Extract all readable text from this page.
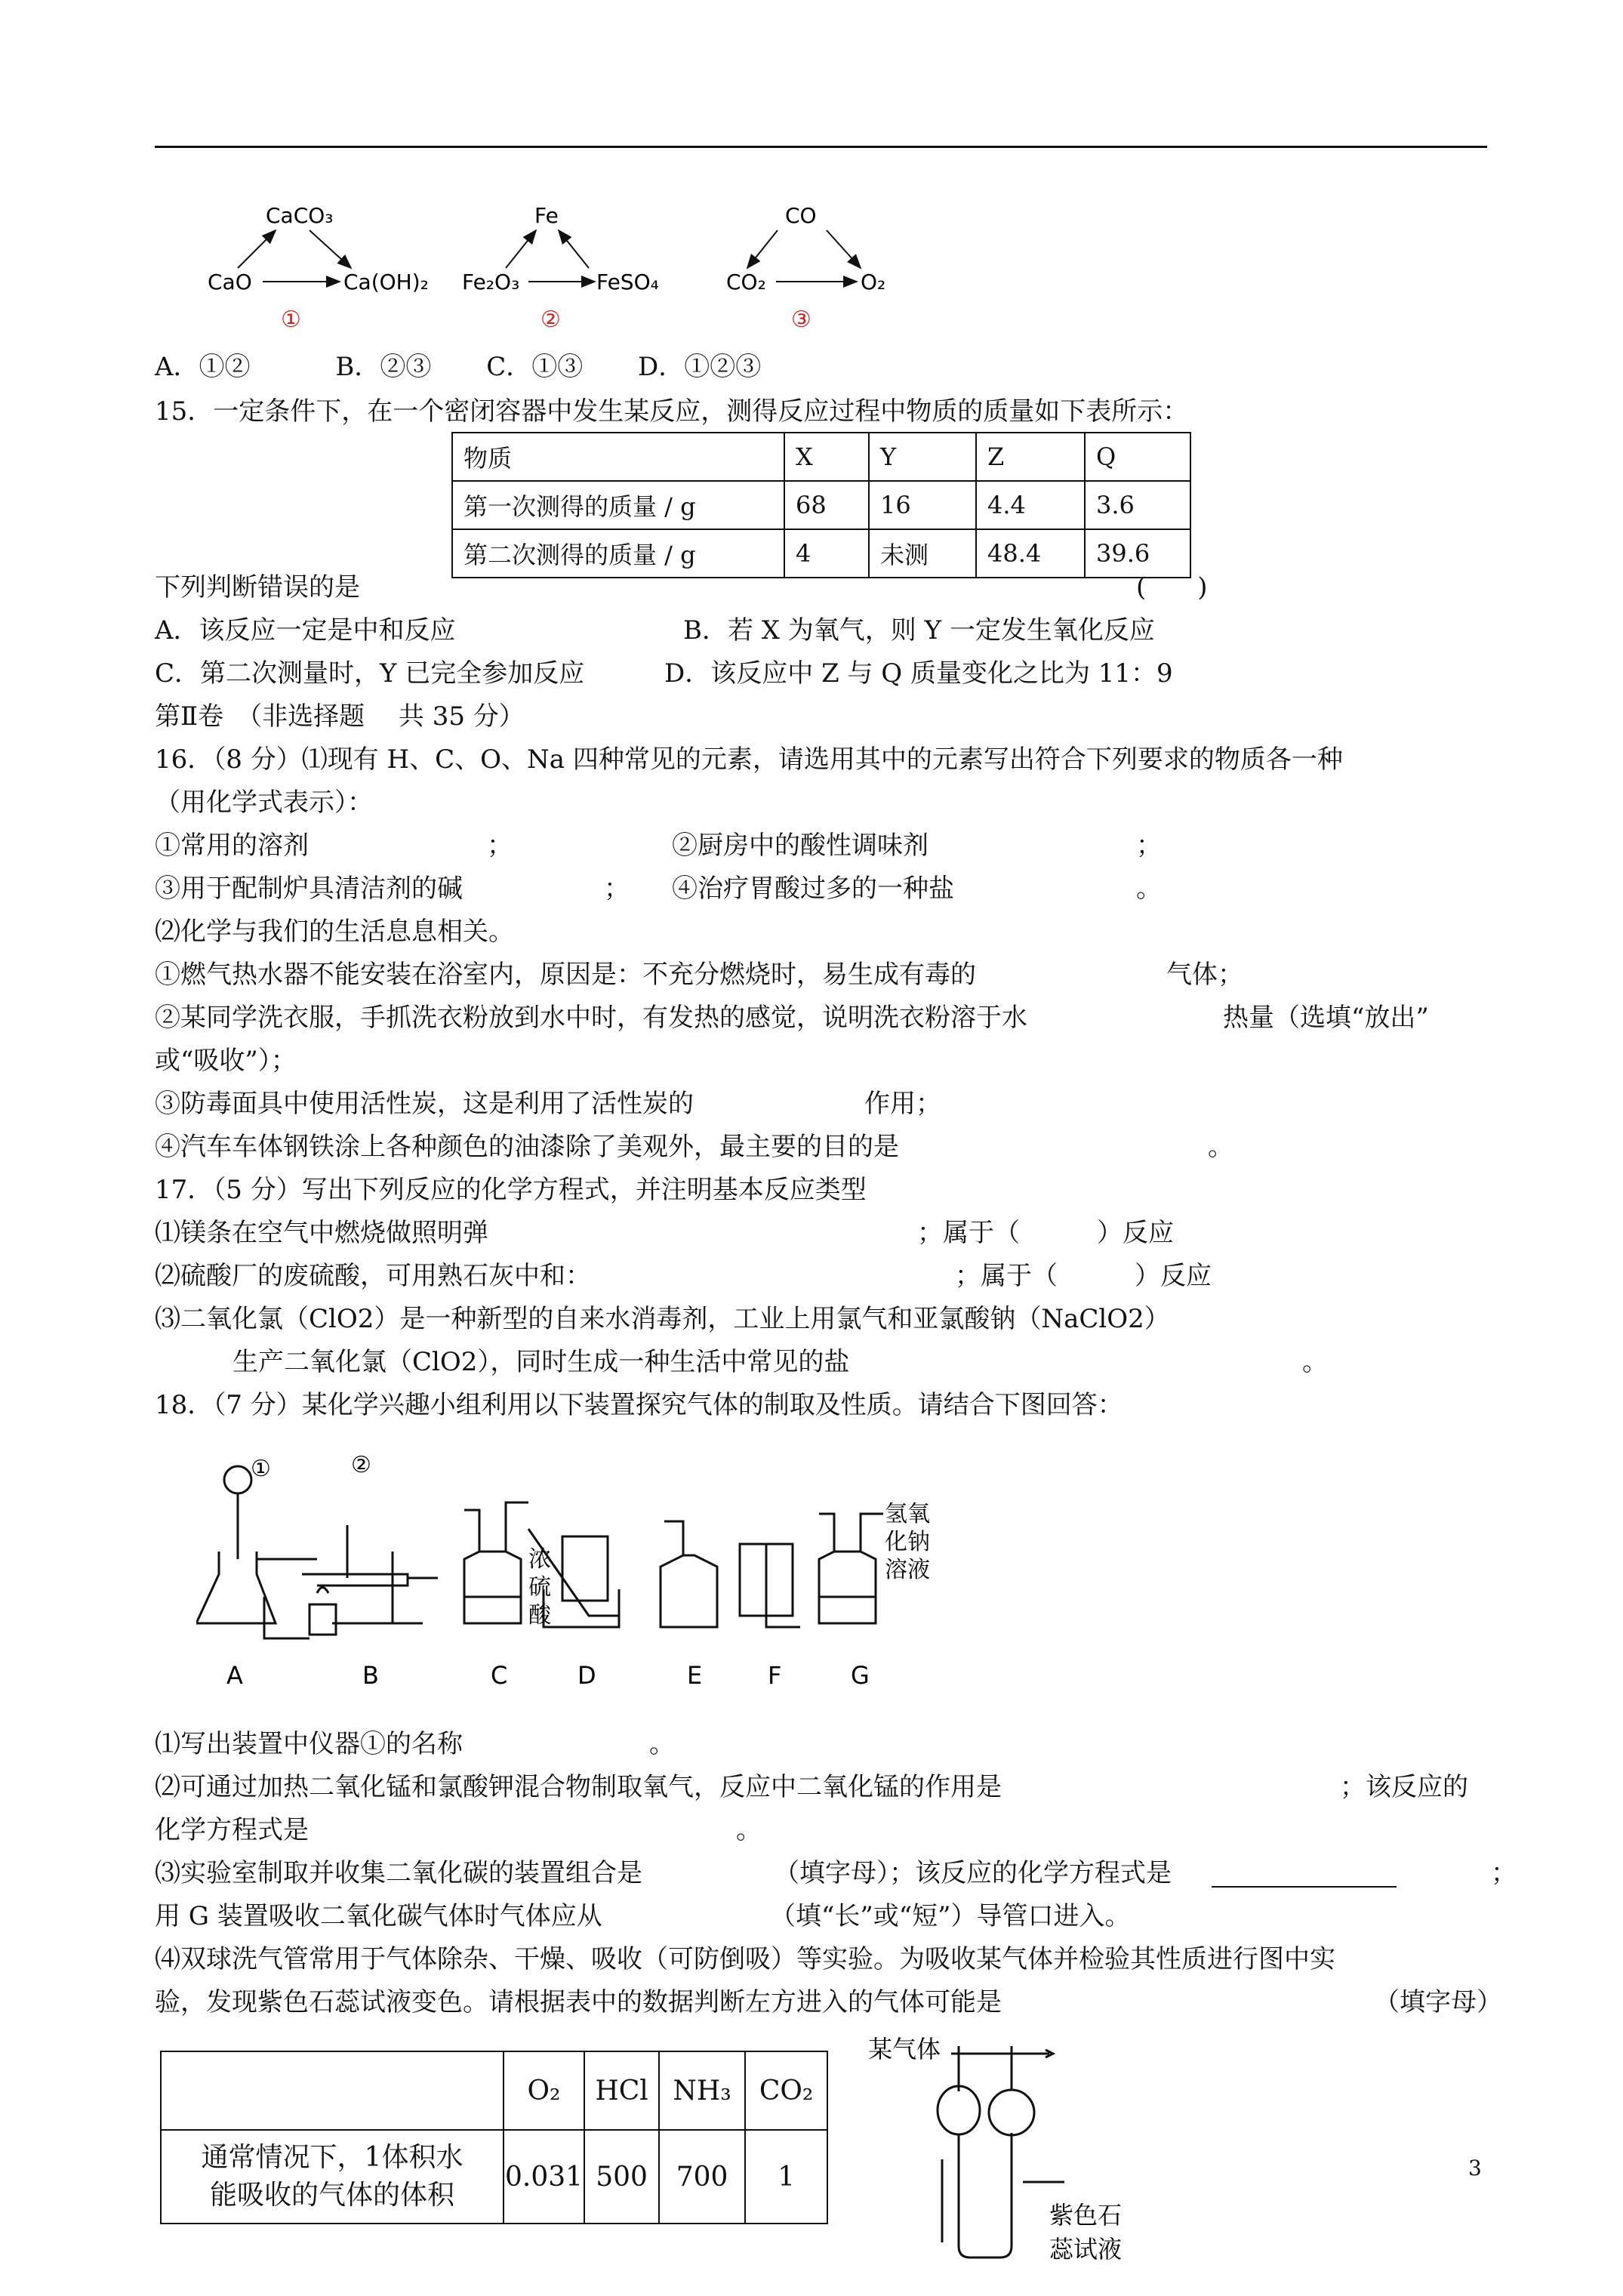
CaCO₃
CaO	Ca(OH)₂
①
Fe
Fe₂O₃	FeSO₄
②
CO
CO₂	O₂
③
A．①②	B．②③ C．①③ D．①②③
15．一定条件下，在一个密闭容器中发生某反应，测得反应过程中物质的质量如下表所示：
物质	X	Y	Z	Q
第一次测得的质量 / g	68	16	4.4	3.6
第二次测得的质量 / g	4	未测	48.4	39.6
下列判断错误的是	(　　)
A．该反应一定是中和反应	B．若 X 为氧气，则 Y 一定发生氧化反应
C．第二次测量时，Y 已完全参加反应	D．该反应中 Z 与 Q 质量变化之比为 11：9
第Ⅱ卷　（非选择题　 共 35 分）
16．（8 分）⑴现有 H、C、O、Na 四种常见的元素，请选用其中的元素写出符合下列要求的物质各一种
（用化学式表示）：
①常用的溶剂	；	②厨房中的酸性调味剂	；
③用于配制炉具清洁剂的碱	； ④治疗胃酸过多的一种盐	。
⑵化学与我们的生活息息相关。
①燃气热水器不能安装在浴室内，原因是：不充分燃烧时，易生成有毒的	气体；
②某同学洗衣服，手抓洗衣粉放到水中时，有发热的感觉，说明洗衣粉溶于水	热量（选填“放出”
或“吸收”）；
③防毒面具中使用活性炭，这是利用了活性炭的	作用；
④汽车车体钢铁涂上各种颜色的油漆除了美观外，最主要的目的是	。
17．（5 分）写出下列反应的化学方程式，并注明基本反应类型
⑴镁条在空气中燃烧做照明弹	；属于（　　　）反应
⑵硫酸厂的废硫酸，可用熟石灰中和：	；属于（　　　）反应
⑶二氧化氯（ClO2）是一种新型的自来水消毒剂，工业上用氯气和亚氯酸钠（NaClO2）
生产二氧化氯（ClO2），同时生成一种生活中常见的盐	。
18．（7 分）某化学兴趣小组利用以下装置探究气体的制取及性质。请结合下图回答：
①	②
浓
硫
酸
氢氧
化钠
溶液
A	B	C	D	E	F	G
⑴写出装置中仪器①的名称	。
⑵可通过加热二氧化锰和氯酸钾混合物制取氧气，反应中二氧化锰的作用是	；该反应的
化学方程式是	。
⑶实验室制取并收集二氧化碳的装置组合是	（填字母）；该反应的化学方程式是	；
用 G 装置吸收二氧化碳气体时气体应从	（填“长”或“短”）导管口进入。
⑷双球洗气管常用于气体除杂、干燥、吸收（可防倒吸）等实验。为吸收某气体并检验其性质进行图中实
验，发现紫色石蕊试液变色。请根据表中的数据判断左方进入的气体可能是	（填字母）
	O₂	HCl	NH₃	CO₂

通常情况下，1体积水
能吸收的气体的体积	0.031	500	700	1
某气体
紫色石
蕊试液
3
